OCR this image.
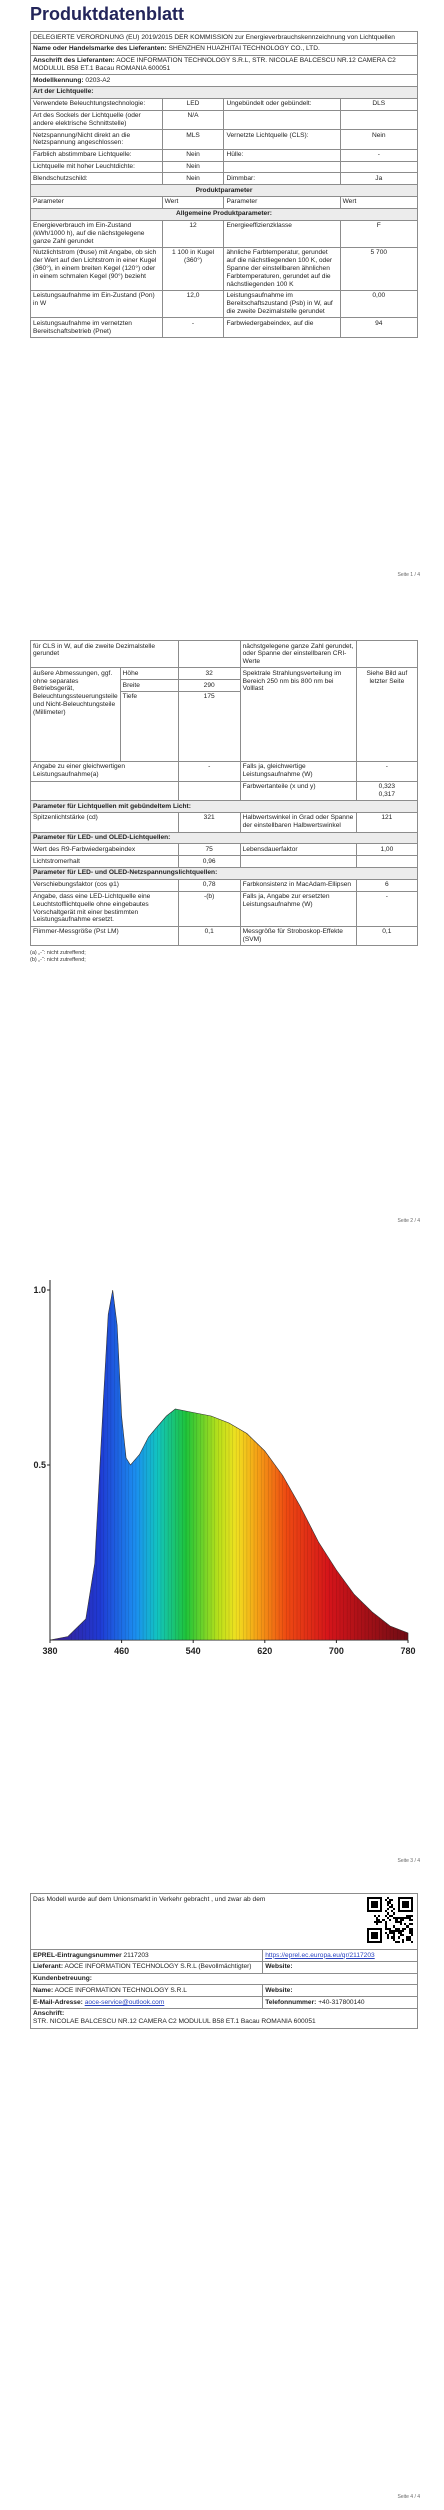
Produktdatenblatt
DELEGIERTE VERORDNUNG (EU) 2019/2015 DER KOMMISSION zur Energieverbrauchskennzeichnung von Lichtquellen			
Name oder Handelsmarke des Lieferanten: SHENZHEN HUAZHITAI TECHNOLOGY CO., LTD.			
Anschrift des Lieferanten: AOCE INFORMATION TECHNOLOGY S.R.L, STR. NICOLAE BALCESCU NR.12 CAMERA C2 MODULUL B58 ET.1 Bacau ROMANIA 600051			
Modellkennung: 0203-A2			
Art der Lichtquelle:			
Verwendete Beleuchtungstechnologie:	LED	Ungebündelt oder gebündelt:	DLS
Art des Sockels der Lichtquelle (oder andere elektrische Schnittstelle)	N/A		
Netzspannung/Nicht direkt an die Netzspannung angeschlossen:	MLS	Vernetzte Lichtquelle (CLS):	Nein
Farblich abstimmbare Lichtquelle:	Nein	Hülle:	-
Lichtquelle mit hoher Leuchtdichte:	Nein		
Blendschutzschild:	Nein	Dimmbar:	Ja
Produktparameter			
Parameter	Wert	Parameter	Wert
Allgemeine Produktparameter:			
Energieverbrauch im Ein-Zustand (kWh/1000 h), auf die nächstgelegene ganze Zahl gerundet	12	Energieeffizienzklasse	F
Nutzlichtstrom (Φuse) mit Angabe, ob sich der Wert auf den Lichtstrom in einer Kugel (360°), in einem breiten Kegel (120°) oder in einem schmalen Kegel (90°) bezieht	1 100 in Kugel (360°)	ähnliche Farbtemperatur, gerundet auf die nächstliegenden 100 K, oder Spanne der einstellbaren ähnlichen Farbtemperaturen, gerundet auf die nächstliegenden 100 K	5 700
Leistungsaufnahme im Ein-Zustand (Pon) in W	12,0	Leistungsaufnahme im Bereitschaftszustand (Psb) in W, auf die zweite Dezimalstelle gerundet	0,00
Leistungsaufnahme im vernetzten Bereitschaftsbetrieb (Pnet)	-	Farbwiedergabeindex, auf die	94
Seite 1 / 4
für CLS in W, auf die zweite Dezimalstelle gerundet			nächstgelegene ganze Zahl gerundet, oder Spanne der einstellbaren CRI-Werte	
äußere Abmessungen, ggf. ohne separates Betriebsgerät, Beleuchtungssteuerungsteile und Nicht-Beleuchtungsteile (Millimeter)	Höhe	32	Spektrale Strahlungsverteilung im Bereich 250 nm bis 800 nm bei Volllast	Siehe Bild auf letzter Seite
	Breite	290		
	Tiefe	175		
Angabe zu einer gleichwertigen Leistungsaufnahme(a)		-	Falls ja, gleichwertige Leistungsaufnahme (W)	-
			Farbwertanteile (x und y)	0,323
0,317
Parameter für Lichtquellen mit gebündeltem Licht:				
Spitzenlichtstärke (cd)		321	Halbwertswinkel in Grad oder Spanne der einstellbaren Halbwertswinkel	121
Parameter für LED- und OLED-Lichtquellen:				
Wert des R9-Farbwiedergabeindex		75	Lebensdauerfaktor	1,00
Lichtstromerhalt		0,96		
Parameter für LED- und OLED-Netzspannungslichtquellen:				
Verschiebungsfaktor (cos φ1)		0,78	Farbkonsistenz in MacAdam-Ellipsen	6
Angabe, dass eine LED-Lichtquelle eine Leuchtstofflichtquelle ohne eingebautes Vorschaltgerät mit einer bestimmten Leistungsaufnahme ersetzt.		-(b)	Falls ja, Angabe zur ersetzten Leistungsaufnahme (W)	-
Flimmer-Messgröße (Pst LM)		0,1	Messgröße für Stroboskop-Effekte (SVM)	0,1
(a) „-“: nicht zutreffend;
(b) „-“: nicht zutreffend;
Seite 2 / 4
380	460	540	620	700	780
1.0
0.5
Seite 3 / 4
Das Modell wurde auf dem Unionsmarkt in Verkehr gebracht , und zwar ab dem	

EPREL-Eintragungsnummer 2117203	https://eprel.ec.europa.eu/qr/2117203
Lieferant: AOCE INFORMATION TECHNOLOGY S.R.L (Bevollmächtigter)	Website:
Kundenbetreuung:	
Name: AOCE INFORMATION TECHNOLOGY S.R.L	Website:
E-Mail-Adresse: aoce-service@outlook.com	Telefonnummer: +40-317800140

Anschrift:
STR. NICOLAE BALCESCU NR.12 CAMERA C2 MODULUL B58 ET.1 Bacau ROMANIA 600051	
Seite 4 / 4
